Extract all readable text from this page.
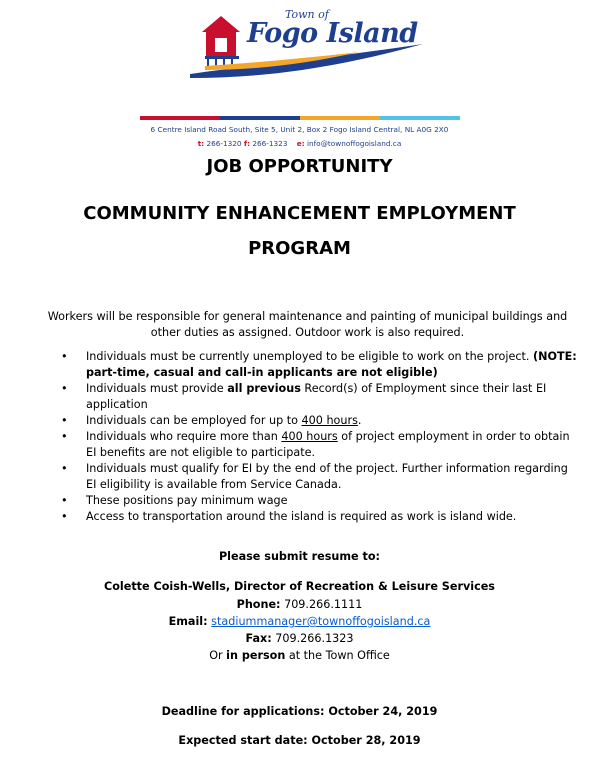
Town of
Fogo Island
6 Centre Island Road South, Site 5, Unit 2, Box 2 Fogo Island Central, NL A0G 2X0
t: 266-1320 f: 266-1323 e: info@townoffogoisland.ca
JOB OPPORTUNITY
COMMUNITY ENHANCEMENT EMPLOYMENT
PROGRAM
Workers will be responsible for general maintenance and painting of municipal buildings and other duties as assigned. Outdoor work is also required.
• Individuals must be currently unemployed to be eligible to work on the project. (NOTE: part-time, casual and call-in applicants are not eligible)
• Individuals must provide all previous Record(s) of Employment since their last EI application
• Individuals can be employed for up to 400 hours.
• Individuals who require more than 400 hours of project employment in order to obtain EI benefits are not eligible to participate.
• Individuals must qualify for EI by the end of the project. Further information regarding EI eligibility is available from Service Canada.
• These positions pay minimum wage
• Access to transportation around the island is required as work is island wide.
Please submit resume to:
Colette Coish-Wells, Director of Recreation & Leisure Services
Phone: 709.266.1111
Email: stadiummanager@townoffogoisland.ca
Fax: 709.266.1323
Or in person at the Town Office
Deadline for applications: October 24, 2019
Expected start date: October 28, 2019
